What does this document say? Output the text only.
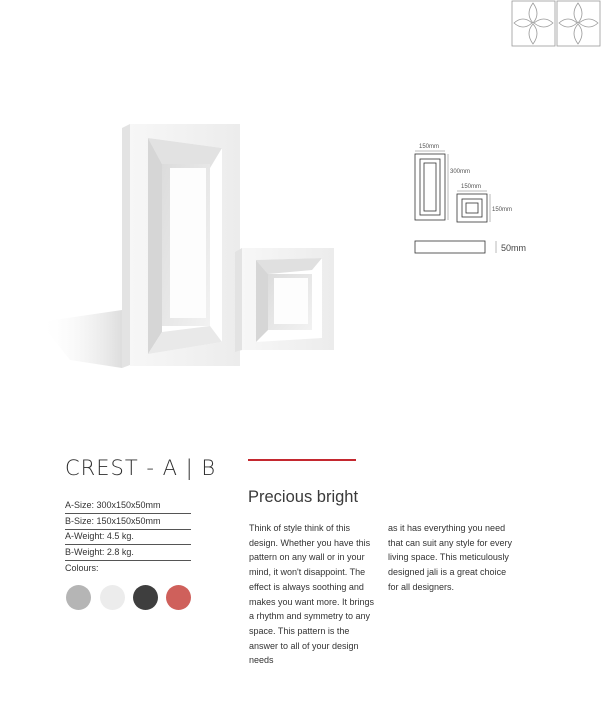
150mm
300mm
150mm
150mm
50mm
CREST - A | B
A-Size: 300x150x50mm
B-Size: 150x150x50mm
A-Weight: 4.5 kg.
B-Weight: 2.8 kg.
Colours:
Precious bright
Think of style think of this design. Whether you have this pattern on any wall or in your mind, it won't disappoint. The effect is always soothing and makes you want more. It brings a rhythm and symmetry to any space. This pattern is the answer to all of your design needs
as it has everything you need that can suit any style for every living space. This meticulously designed jali is a great choice for all designers.
